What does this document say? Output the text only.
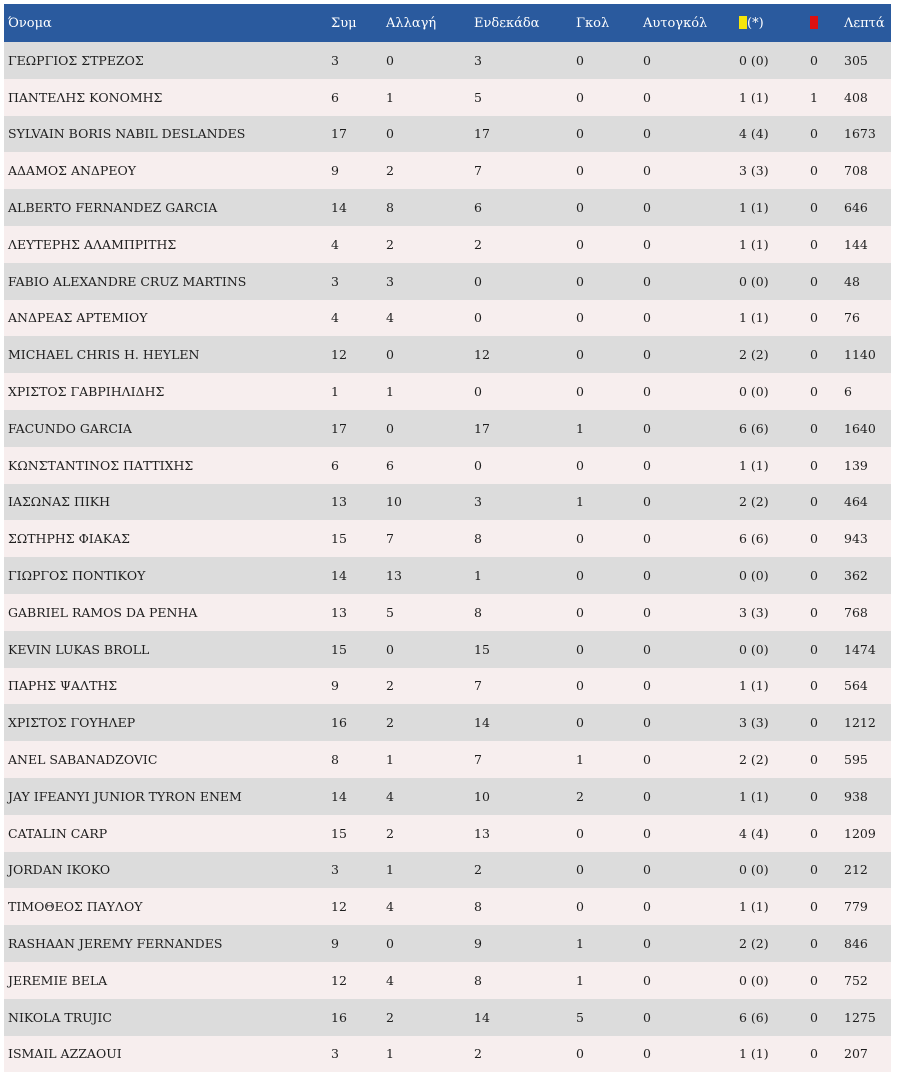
Όνομα	Συμ	Αλλαγή	Ενδεκάδα	Γκολ	Αυτογκόλ	(*)		Λεπτά
ΓΕΩΡΓΙΟΣ ΣΤΡΕΖΟΣ	3	0	3	0	0	0 (0)	0	305
ΠΑΝΤΕΛΗΣ ΚΟΝΟΜΗΣ	6	1	5	0	0	1 (1)	1	408
SYLVAIN BORIS NABIL DESLANDES	17	0	17	0	0	4 (4)	0	1673
ΑΔΑΜΟΣ ΑΝΔΡΕΟΥ	9	2	7	0	0	3 (3)	0	708
ALBERTO FERNANDEZ GARCIA	14	8	6	0	0	1 (1)	0	646
ΛΕΥΤΕΡΗΣ ΑΛΑΜΠΡΙΤΗΣ	4	2	2	0	0	1 (1)	0	144
FABIO ALEXANDRE CRUZ MARTINS	3	3	0	0	0	0 (0)	0	48
ΑΝΔΡΕΑΣ ΑΡΤΕΜΙΟΥ	4	4	0	0	0	1 (1)	0	76
MICHAEL CHRIS H. HEYLEN	12	0	12	0	0	2 (2)	0	1140
ΧΡΙΣΤΟΣ ΓΑΒΡΙΗΛΙΔΗΣ	1	1	0	0	0	0 (0)	0	6
FACUNDO GARCIA	17	0	17	1	0	6 (6)	0	1640
ΚΩΝΣΤΑΝΤΙΝΟΣ ΠΑΤΤΙΧΗΣ	6	6	0	0	0	1 (1)	0	139
ΙΑΣΩΝΑΣ ΠΙΚΗ	13	10	3	1	0	2 (2)	0	464
ΣΩΤΗΡΗΣ ΦΙΑΚΑΣ	15	7	8	0	0	6 (6)	0	943
ΓΙΩΡΓΟΣ ΠΟΝΤΙΚΟΥ	14	13	1	0	0	0 (0)	0	362
GABRIEL RAMOS DA PENHA	13	5	8	0	0	3 (3)	0	768
KEVIN LUKAS BROLL	15	0	15	0	0	0 (0)	0	1474
ΠΑΡΗΣ ΨΑΛΤΗΣ	9	2	7	0	0	1 (1)	0	564
ΧΡΙΣΤΟΣ ΓΟΥΗΛΕΡ	16	2	14	0	0	3 (3)	0	1212
ANEL SABANADZOVIC	8	1	7	1	0	2 (2)	0	595
JAY IFEANYI JUNIOR TYRON ENEM	14	4	10	2	0	1 (1)	0	938
CATALIN CARP	15	2	13	0	0	4 (4)	0	1209
JORDAN IKOKO	3	1	2	0	0	0 (0)	0	212
ΤΙΜΟΘΕΟΣ ΠΑΥΛΟΥ	12	4	8	0	0	1 (1)	0	779
RASHAAN JEREMY FERNANDES	9	0	9	1	0	2 (2)	0	846
JEREMIE BELA	12	4	8	1	0	0 (0)	0	752
NIKOLA TRUJIC	16	2	14	5	0	6 (6)	0	1275
ISMAIL AZZAOUI	3	1	2	0	0	1 (1)	0	207
